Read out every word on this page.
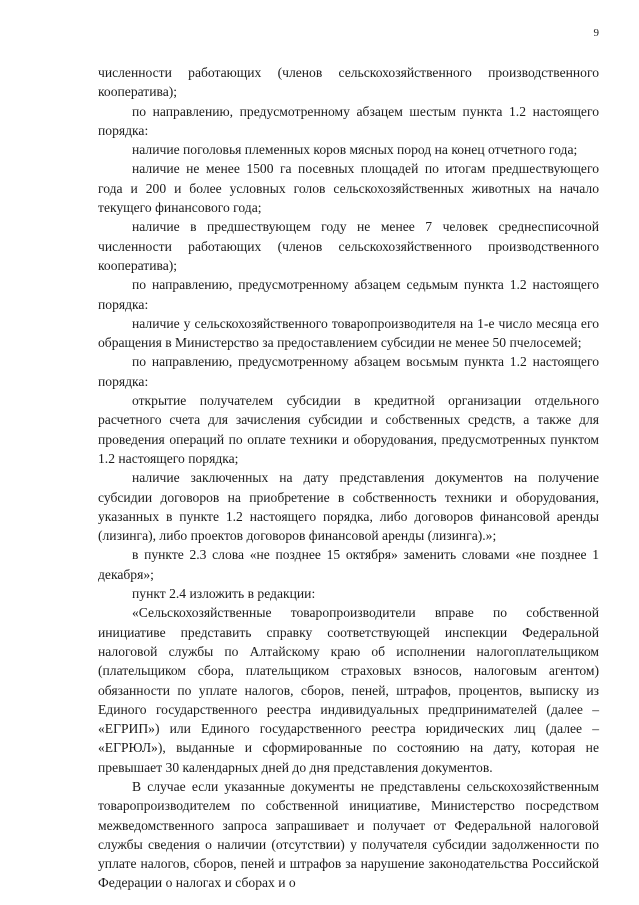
9

численности работающих (членов сельскохозяйственного производственного кооператива);

по направлению, предусмотренному абзацем шестым пункта 1.2 настоящего порядка:

наличие поголовья племенных коров мясных пород на конец отчетного года;

наличие не менее 1500 га посевных площадей по итогам предшествующего года и 200 и более условных голов сельскохозяйственных животных на начало текущего финансового года;

наличие в предшествующем году не менее 7 человек среднесписочной численности работающих (членов сельскохозяйственного производственного кооператива);

по направлению, предусмотренному абзацем седьмым пункта 1.2 настоящего порядка:

наличие у сельскохозяйственного товаропроизводителя на 1-е число месяца его обращения в Министерство за предоставлением субсидии не менее 50 пчелосемей;

по направлению, предусмотренному абзацем восьмым пункта 1.2 настоящего порядка:

открытие получателем субсидии в кредитной организации отдельного расчетного счета для зачисления субсидии и собственных средств, а также для проведения операций по оплате техники и оборудования, предусмотренных пунктом 1.2 настоящего порядка;

наличие заключенных на дату представления документов на получение субсидии договоров на приобретение в собственность техники и оборудования, указанных в пункте 1.2 настоящего порядка, либо договоров финансовой аренды (лизинга), либо проектов договоров финансовой аренды (лизинга).»;

в пункте 2.3 слова «не позднее 15 октября» заменить словами «не позднее 1 декабря»;

пункт 2.4 изложить в редакции:

«Сельскохозяйственные товаропроизводители вправе по собственной инициативе представить справку соответствующей инспекции Федеральной налоговой службы по Алтайскому краю об исполнении налогоплательщиком (плательщиком сбора, плательщиком страховых взносов, налоговым агентом) обязанности по уплате налогов, сборов, пеней, штрафов, процентов, выписку из Единого государственного реестра индивидуальных предпринимателей (далее – «ЕГРИП») или Единого государственного реестра юридических лиц (далее – «ЕГРЮЛ»), выданные и сформированные по состоянию на дату, которая не превышает 30 календарных дней до дня представления документов.

В случае если указанные документы не представлены сельскохозяйственным товаропроизводителем по собственной инициативе, Министерство посредством межведомственного запроса запрашивает и получает от Федеральной налоговой службы сведения о наличии (отсутствии) у получателя субсидии задолженности по уплате налогов, сборов, пеней и штрафов за нарушение законодательства Российской Федерации о налогах и сборах и о
